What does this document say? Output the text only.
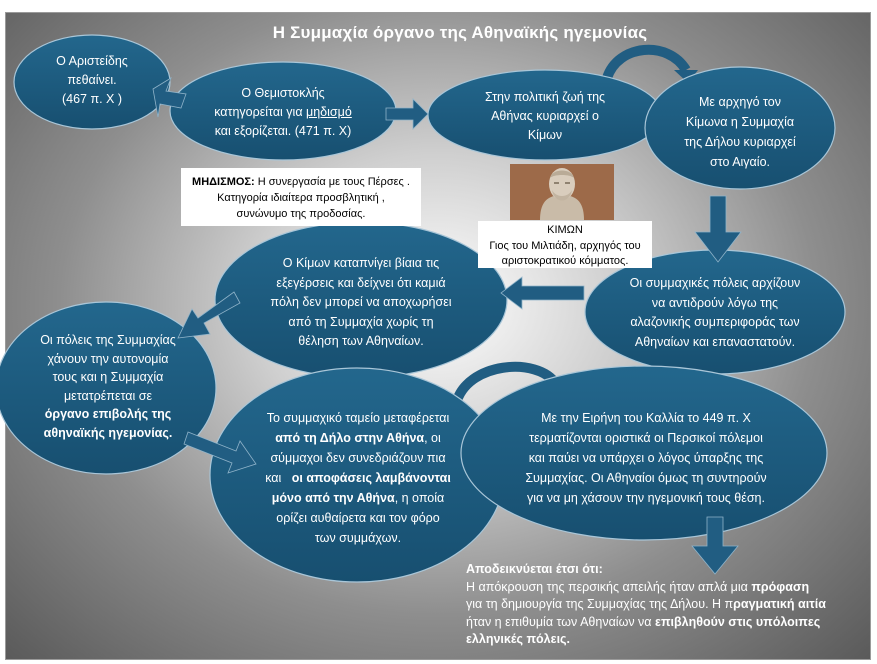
Η Συμμαχία όργανο της Αθηναϊκής ηγεμονίας
Ο Αριστείδης
πεθαίνει.
(467 π. Χ )	Ο Θεμιστοκλής
κατηγορείται για μηδισμό
και εξορίζεται. (471 π. Χ)
Στην πολιτική ζωή της
Αθήνας κυριαρχεί ο
Κίμων
Με αρχηγό τον
Κίμωνα η Συμμαχία
της Δήλου κυριαρχεί
στο Αιγαίο.
Οι συμμαχικές πόλεις αρχίζουν
να αντιδρούν λόγω της
αλαζονικής συμπεριφοράς των
Αθηναίων και επαναστατούν.
Ο Κίμων καταπνίγει βίαια τις
εξεγέρσεις και δείχνει ότι καμιά
πόλη δεν μπορεί να αποχωρήσει
από τη Συμμαχία χωρίς τη
θέληση των Αθηναίων.
Οι πόλεις της Συμμαχίας
χάνουν την αυτονομία
τους και η Συμμαχία
μετατρέπεται σε
όργανο επιβολής της
αθηναϊκής ηγεμονίας.
Το συμμαχικό ταμείο μεταφέρεται
από τη Δήλο στην Αθήνα, οι
σύμμαχοι δεν συνεδριάζουν πια
και   οι αποφάσεις λαμβάνονται
μόνο από την Αθήνα, η οποία
ορίζει αυθαίρετα και τον φόρο
των συμμάχων.
Με την Ειρήνη του Καλλία το 449 π. Χ
τερματίζονται οριστικά οι Περσικοί πόλεμοι
και παύει να υπάρχει ο λόγος ύπαρξης της
Συμμαχίας. Οι Αθηναίοι όμως τη συντηρούν
για να μη χάσουν την ηγεμονική τους θέση.
ΜΗΔΙΣΜΟΣ: Η συνεργασία με τους Πέρσες .
Κατηγορία ιδιαίτερα προσβλητική ,
συνώνυμο της προδοσίας.
ΚΙΜΩΝ
Γιος του Μιλτιάδη, αρχηγός του
αριστοκρατικού κόμματος.
Αποδεικνύεται έτσι ότι:
Η απόκρουση της περσικής απειλής ήταν απλά μια πρόφαση
για τη δημιουργία της Συμμαχίας της Δήλου. Η πραγματική αιτία
ήταν η επιθυμία των Αθηναίων να επιβληθούν στις υπόλοιπες
ελληνικές πόλεις.
